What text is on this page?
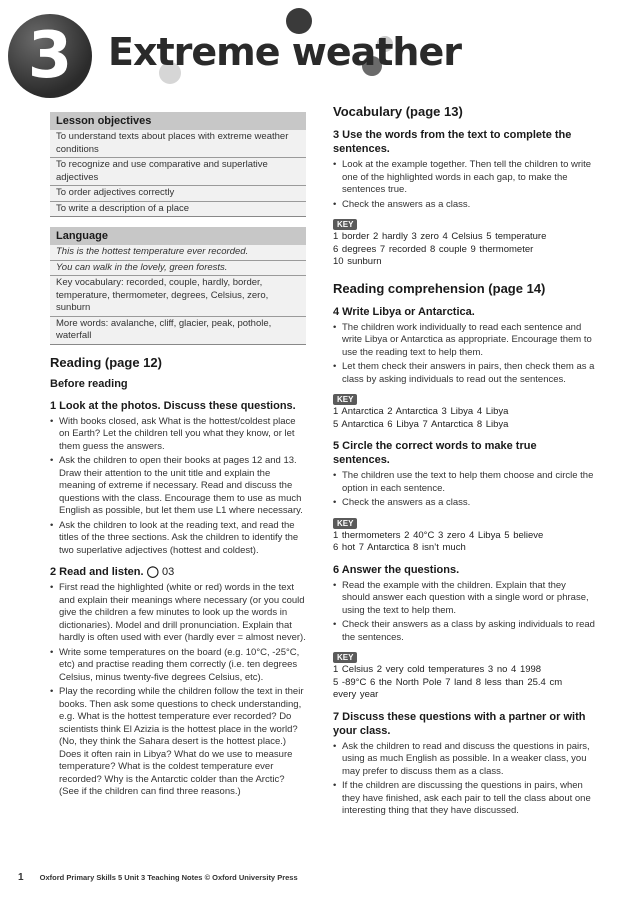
3 Extreme weather
Lesson objectives
To understand texts about places with extreme weather conditions
To recognize and use comparative and superlative adjectives
To order adjectives correctly
To write a description of a place
Language
This is the hottest temperature ever recorded.
You can walk in the lovely, green forests.
Key vocabulary: recorded, couple, hardly, border, temperature, thermometer, degrees, Celsius, zero, sunburn
More words: avalanche, cliff, glacier, peak, pothole, waterfall
Reading (page 12)
Before reading
1 Look at the photos. Discuss these questions.
• With books closed, ask What is the hottest/coldest place on Earth? Let the children tell you what they know, or let them guess the answers.
• Ask the children to open their books at pages 12 and 13. Draw their attention to the unit title and explain the meaning of extreme if necessary. Read and discuss the questions with the class. Encourage them to use as much English as possible, but let them use L1 where necessary.
• Ask the children to look at the reading text, and read the titles of the three sections. Ask the children to identify the two superlative adjectives (hottest and coldest).
2 Read and listen. ◯ 03
• First read the highlighted (white or red) words in the text and explain their meanings where necessary (or you could give the children a few minutes to look up the words in dictionaries). Model and drill pronunciation. Explain that hardly is often used with ever (hardly ever = almost never).
• Write some temperatures on the board (e.g. 10°C, -25°C, etc) and practise reading them correctly (i.e. ten degrees Celsius, minus twenty-five degrees Celsius, etc).
• Play the recording while the children follow the text in their books. Then ask some questions to check understanding, e.g. What is the hottest temperature ever recorded? Do scientists think El Azizia is the hottest place in the world? (No, they think the Sahara desert is the hottest place.) Does it often rain in Libya? What do we use to measure temperature? What is the coldest temperature ever recorded? Why is the Antarctic colder than the Arctic? (See if the children can find three reasons.)
Vocabulary (page 13)
3 Use the words from the text to complete the sentences.
• Look at the example together. Then tell the children to write one of the highlighted words in each gap, to make the sentences true.
• Check the answers as a class.
KEY
1 border 2 hardly 3 zero 4 Celsius 5 temperature
6 degrees 7 recorded 8 couple 9 thermometer
10 sunburn
Reading comprehension (page 14)
4 Write Libya or Antarctica.
• The children work individually to read each sentence and write Libya or Antarctica as appropriate. Encourage them to use the reading text to help them.
• Let them check their answers in pairs, then check them as a class by asking individuals to read out the sentences.
KEY
1 Antarctica 2 Antarctica 3 Libya 4 Libya
5 Antarctica 6 Libya 7 Antarctica 8 Libya
5 Circle the correct words to make true sentences.
• The children use the text to help them choose and circle the option in each sentence.
• Check the answers as a class.
KEY
1 thermometers 2 40°C 3 zero 4 Libya 5 believe
6 hot 7 Antarctica 8 isn’t much
6 Answer the questions.
• Read the example with the children. Explain that they should answer each question with a single word or phrase, using the text to help them.
• Check their answers as a class by asking individuals to read the sentences.
KEY
1 Celsius 2 very cold temperatures 3 no 4 1998
5 -89°C 6 the North Pole 7 land 8 less than 25.4 cm
every year
7 Discuss these questions with a partner or with your class.
• Ask the children to read and discuss the questions in pairs, using as much English as possible. In a weaker class, you may prefer to discuss them as a class.
• If the children are discussing the questions in pairs, when they have finished, ask each pair to tell the class about one interesting thing that they have discussed.
1 Oxford Primary Skills 5 Unit 3 Teaching Notes © Oxford University Press
